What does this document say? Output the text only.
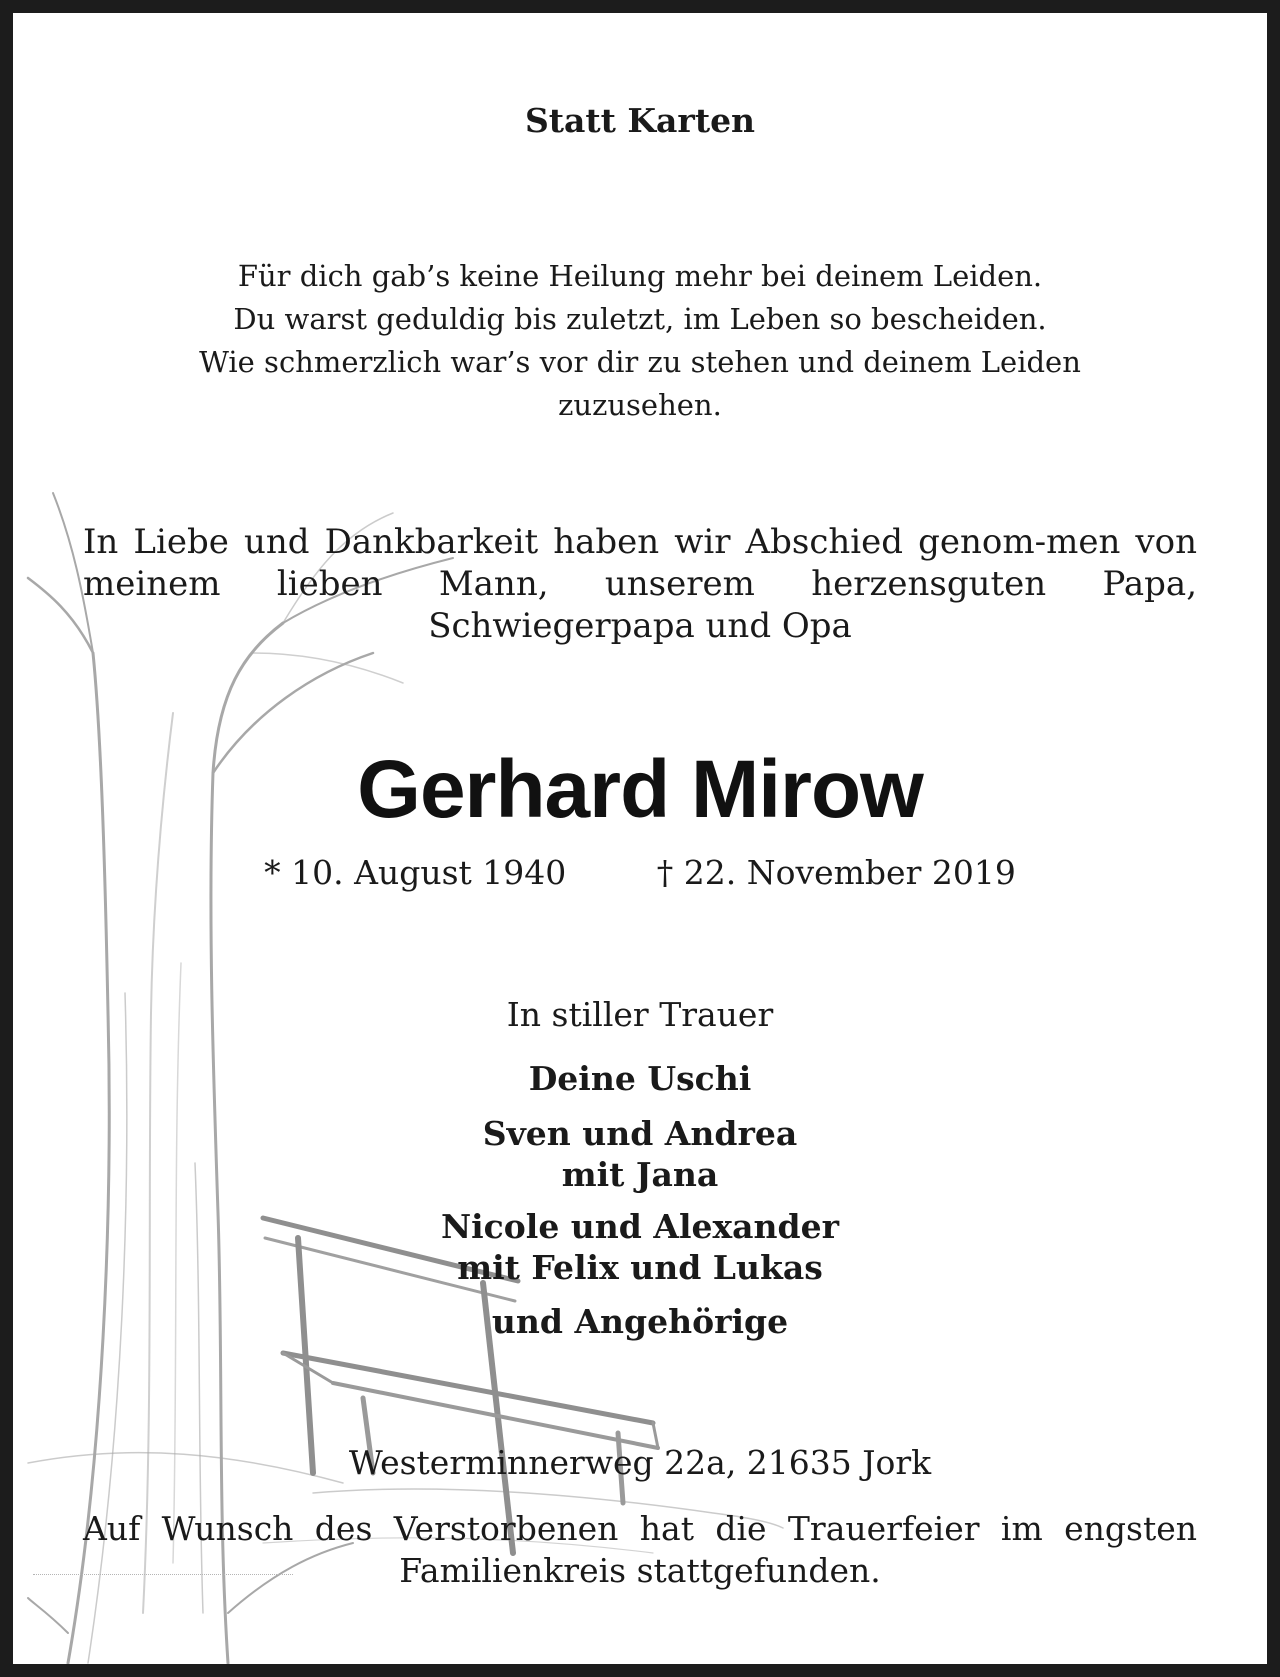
Statt Karten
Für dich gab’s keine Heilung mehr bei deinem Leiden.
Du warst geduldig bis zuletzt, im Leben so bescheiden.
Wie schmerzlich war’s vor dir zu stehen und deinem Leiden
zuzusehen.
In Liebe und Dankbarkeit haben wir Abschied genom-men von meinem lieben Mann, unserem herzensguten Papa, Schwiegerpapa und Opa
Gerhard Mirow
* 10. August 1940	† 22. November 2019
In stiller Trauer
Deine Uschi
Sven und Andrea
mit Jana
Nicole und Alexander
mit Felix und Lukas
und Angehörige
Westerminnerweg 22a, 21635 Jork
Auf Wunsch des Verstorbenen hat die Trauerfeier im engsten Familienkreis stattgefunden.
